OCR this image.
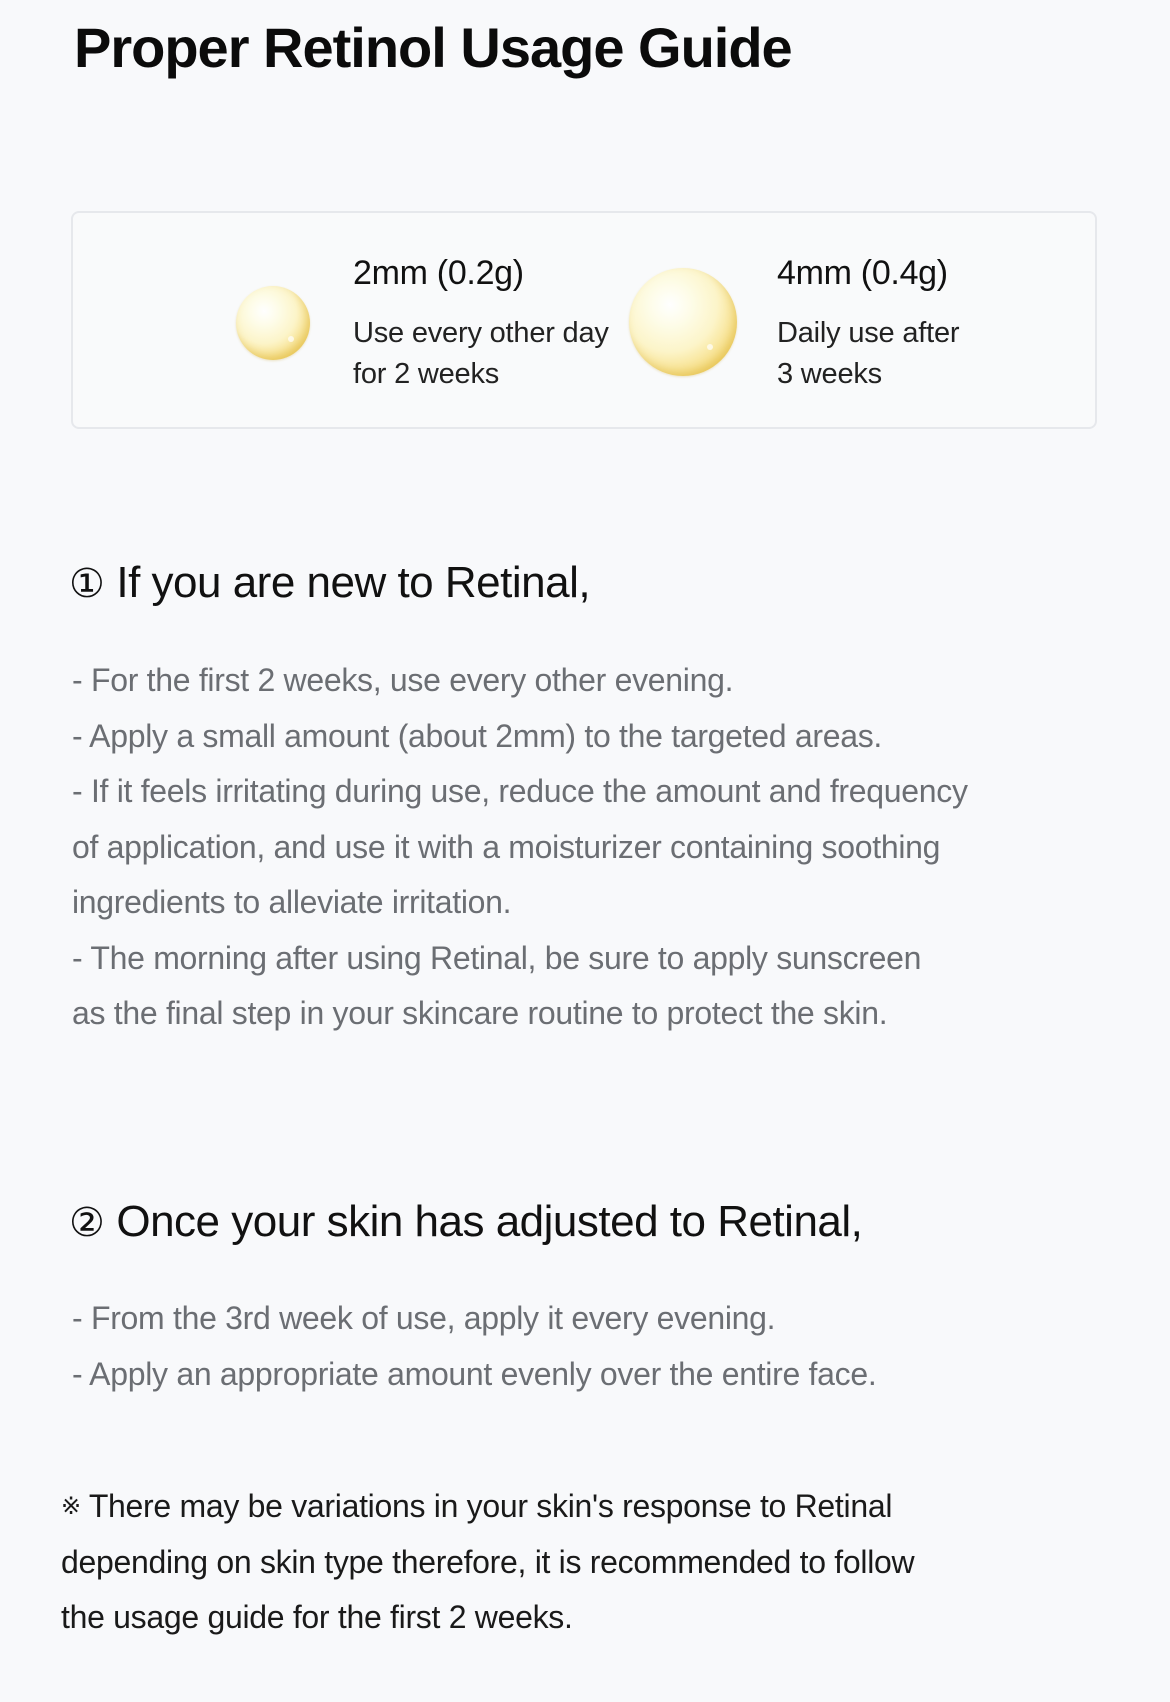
Proper Retinol Usage Guide
2mm (0.2g)
Use every other day
for 2 weeks
4mm (0.4g)
Daily use after
3 weeks
① If you are new to Retinal,
- For the first 2 weeks, use every other evening.
- Apply a small amount (about 2mm) to the targeted areas.
- If it feels irritating during use, reduce the amount and frequency
of application, and use it with a moisturizer containing soothing
ingredients to alleviate irritation.
- The morning after using Retinal, be sure to apply sunscreen
as the final step in your skincare routine to protect the skin.
② Once your skin has adjusted to Retinal,
- From the 3rd week of use, apply it every evening.
- Apply an appropriate amount evenly over the entire face.
※ There may be variations in your skin's response to Retinal
depending on skin type therefore, it is recommended to follow
the usage guide for the first 2 weeks.
